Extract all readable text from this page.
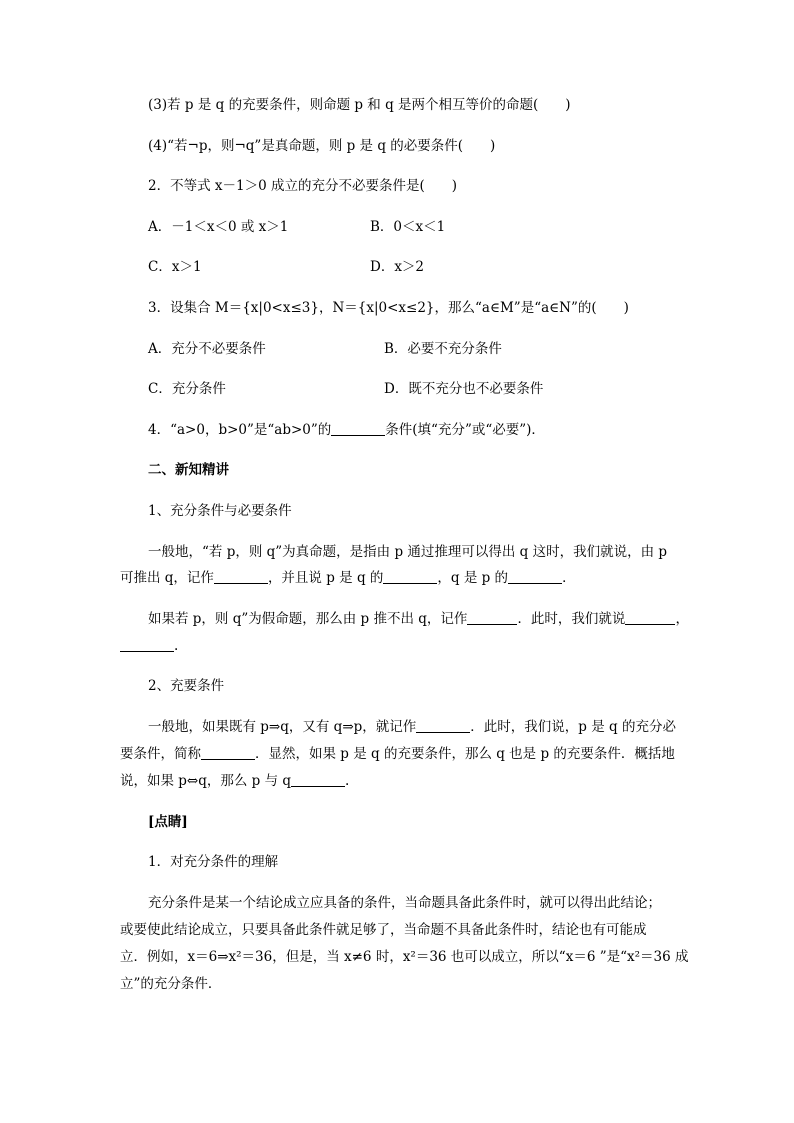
(3)若 p 是 q 的充要条件，则命题 p 和 q 是两个相互等价的命题(　　)
(4)“若¬p，则¬q”是真命题，则 p 是 q 的必要条件(　　)
2．不等式 x－1＞0 成立的充分不必要条件是(　　)
A．－1＜x＜0 或 x＞1	B．0＜x＜1
C．x＞1	D．x＞2
3．设集合 M＝{x|0<x≤3}，N＝{x|0<x≤2}，那么“a∈M”是“a∈N”的(　　)
A．充分不必要条件	B．必要不充分条件
C．充分条件	D．既不充分也不必要条件
4．“a>0，b>0”是“ab>0”的	条件(填“充分”或“必要”)．
二、新知精讲
1、充分条件与必要条件
一般地，“若 p，则 q”为真命题，是指由 p 通过推理可以得出 q 这时，我们就说，由 p
可推出 q，记作	，并且说 p 是 q 的	，q 是 p 的	．
如果若 p，则 q”为假命题，那么由 p 推不出 q，记作	．此时，我们就说	，
.
2、充要条件
一般地，如果既有 p⇒q，又有 q⇒p，就记作	．此时，我们说，p 是 q 的充分必
要条件，简称	．显然，如果 p 是 q 的充要条件，那么 q 也是 p 的充要条件．概括地
说，如果 p⇔q，那么 p 与 q	.
[点睛]
1．对充分条件的理解
充分条件是某一个结论成立应具备的条件，当命题具备此条件时，就可以得出此结论；
或要使此结论成立，只要具备此条件就足够了，当命题不具备此条件时，结论也有可能成
立．例如，x＝6⇒x²＝36，但是，当 x≠6 时，x²＝36 也可以成立，所以“x＝6 ”是“x²＝36 成
立”的充分条件．
